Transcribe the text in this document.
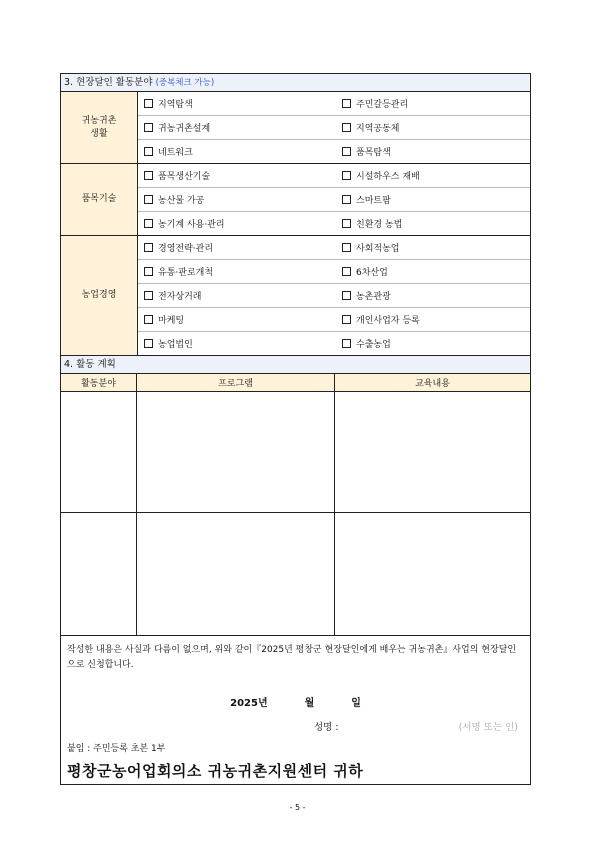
3. 현장달인 활동분야 (중복체크 가능)
귀농귀촌
생활
지역탐색	주민갈등관리
귀농귀촌설계	지역공동체
네트워크	품목탐색
품목기술
품목생산기술	시설하우스 재배
농산물 가공	스마트팜
농기계 사용·관리	친환경 농법
농업경영
경영전략·관리	사회적농업
유통·판로개척	6차산업
전자상거래	농촌관광
마케팅	개인사업자 등록
농업법인	수출농업
4. 활동 계획
활동분야	프로그램	교육내용
작성한 내용은 사실과 다름이 없으며, 위와 같이『2025년 평창군 현장달인에게 배우는 귀농귀촌』사업의 현장달인으로 신청합니다.
2025년	월	일
성명 :	(서명 또는 인)
붙임 : 주민등록 초본 1부
평창군농어업회의소 귀농귀촌지원센터 귀하
- 5 -
